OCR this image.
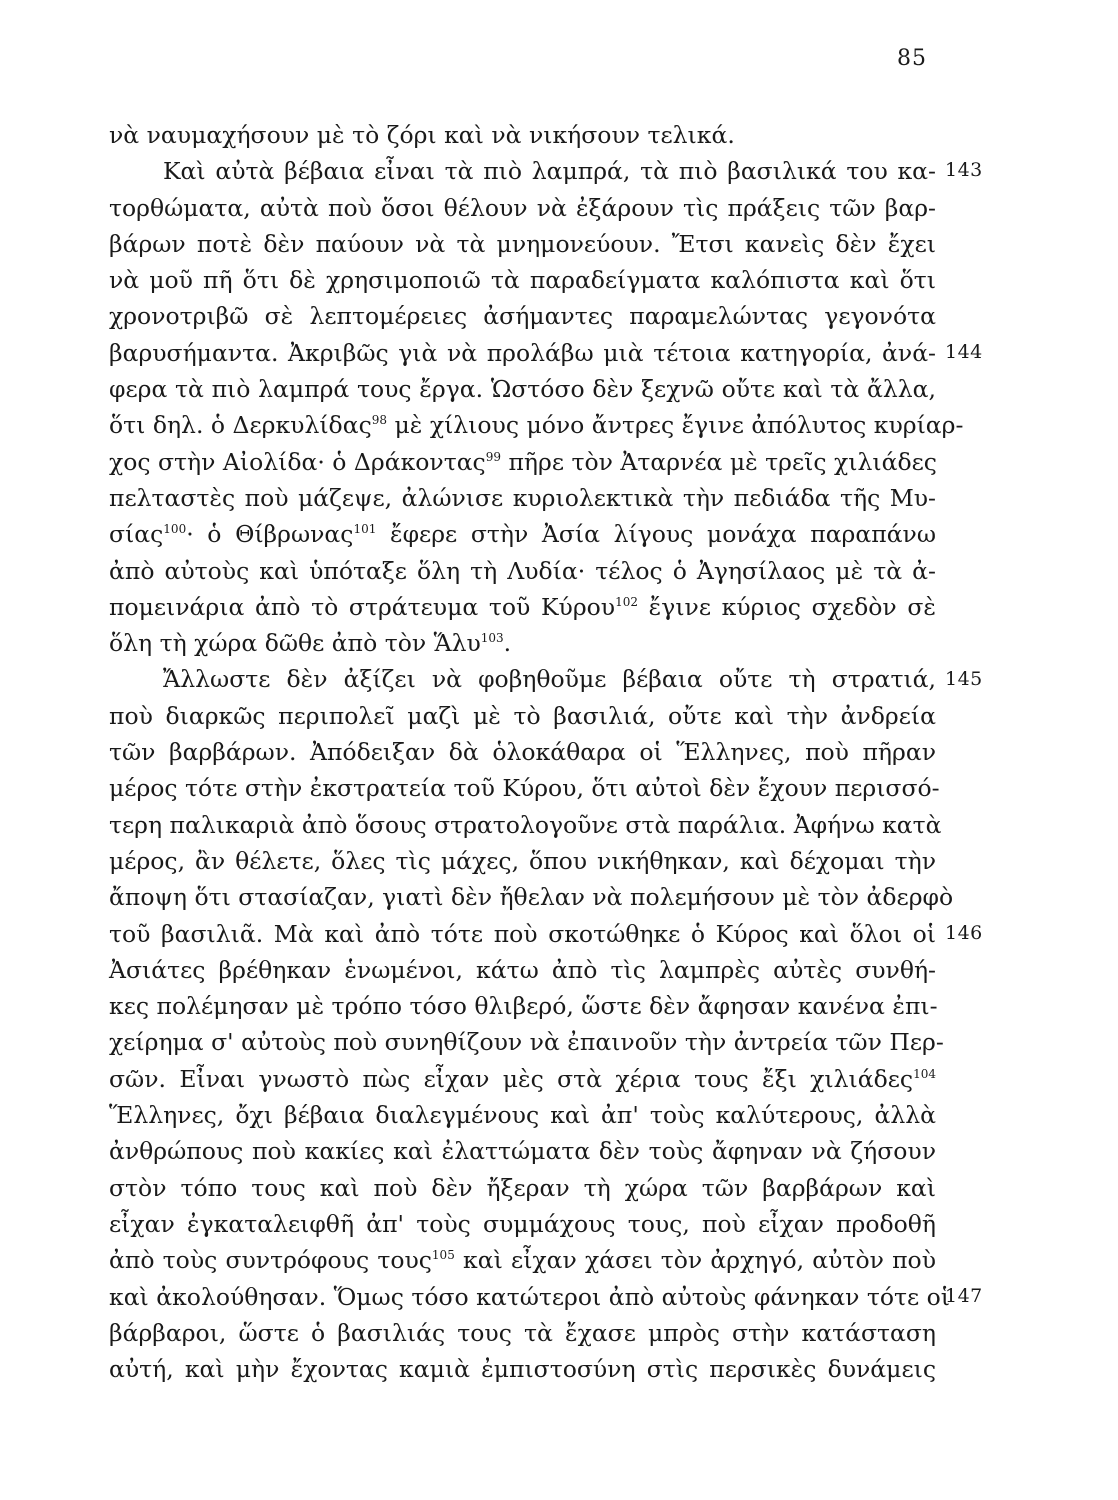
85
νὰ ναυμαχήσουν μὲ τὸ ζόρι καὶ νὰ νικήσουν τελικά.
Καὶ αὐτὰ βέβαια εἶναι τὰ πιὸ λαμπρά, τὰ πιὸ βασιλικά του κα-
τορθώματα, αὐτὰ ποὺ ὅσοι θέλουν νὰ ἐξάρουν τὶς πράξεις τῶν βαρ-
βάρων ποτὲ δὲν παύουν νὰ τὰ μνημονεύουν. Ἔτσι κανεὶς δὲν ἔχει
νὰ μοῦ πῆ ὅτι δὲ χρησιμοποιῶ τὰ παραδείγματα καλόπιστα καὶ ὅτι
χρονοτριβῶ σὲ λεπτομέρειες ἀσήμαντες παραμελώντας γεγονότα
βαρυσήμαντα. Ἀκριβῶς γιὰ νὰ προλάβω μιὰ τέτοια κατηγορία, ἀνά-
φερα τὰ πιὸ λαμπρά τους ἔργα. Ὡστόσο δὲν ξεχνῶ οὔτε καὶ τὰ ἄλλα,
ὅτι δηλ. ὁ Δερκυλίδας$^{98}$ μὲ χίλιους μόνο ἄντρες ἔγινε ἀπόλυτος κυρίαρ-
χος στὴν Αἰολίδα· ὁ Δράκοντας$^{99}$ πῆρε τὸν Ἀταρνέα μὲ τρεῖς χιλιάδες
πελταστὲς ποὺ μάζεψε, ἀλώνισε κυριολεκτικὰ τὴν πεδιάδα τῆς Μυ-
σίας$^{100}$· ὁ Θίβρωνας$^{101}$ ἔφερε στὴν Ἀσία λίγους μονάχα παραπάνω
ἀπὸ αὐτοὺς καὶ ὑπόταξε ὅλη τὴ Λυδία· τέλος ὁ Ἀγησίλαος μὲ τὰ ἀ-
πομεινάρια ἀπὸ τὸ στράτευμα τοῦ Κύρου$^{102}$ ἔγινε κύριος σχεδὸν σὲ
ὅλη τὴ χώρα δῶθε ἀπὸ τὸν Ἅλυ$^{103}$.
Ἄλλωστε δὲν ἀξίζει νὰ φοβηθοῦμε βέβαια οὔτε τὴ στρατιά,
ποὺ διαρκῶς περιπολεῖ μαζὶ μὲ τὸ βασιλιά, οὔτε καὶ τὴν ἀνδρεία
τῶν βαρβάρων. Ἀπόδειξαν δὰ ὁλοκάθαρα οἱ Ἕλληνες, ποὺ πῆραν
μέρος τότε στὴν ἐκστρατεία τοῦ Κύρου, ὅτι αὐτοὶ δὲν ἔχουν περισσό-
τερη παλικαριὰ ἀπὸ ὅσους στρατολογοῦνε στὰ παράλια. Ἀφήνω κατὰ
μέρος, ἂν θέλετε, ὅλες τὶς μάχες, ὅπου νικήθηκαν, καὶ δέχομαι τὴν
ἄποψη ὅτι στασίαζαν, γιατὶ δὲν ἤθελαν νὰ πολεμήσουν μὲ τὸν ἀδερφὸ
τοῦ βασιλιᾶ. Μὰ καὶ ἀπὸ τότε ποὺ σκοτώθηκε ὁ Κύρος καὶ ὅλοι οἱ
Ἀσιάτες βρέθηκαν ἑνωμένοι, κάτω ἀπὸ τὶς λαμπρὲς αὐτὲς συνθή-
κες πολέμησαν μὲ τρόπο τόσο θλιβερό, ὥστε δὲν ἄφησαν κανένα ἐπι-
χείρημα σ' αὐτοὺς ποὺ συνηθίζουν νὰ ἐπαινοῦν τὴν ἀντρεία τῶν Περ-
σῶν. Εἶναι γνωστὸ πὼς εἶχαν μὲς στὰ χέρια τους ἔξι χιλιάδες$^{104}$
Ἕλληνες, ὄχι βέβαια διαλεγμένους καὶ ἀπ' τοὺς καλύτερους, ἀλλὰ
ἀνθρώπους ποὺ κακίες καὶ ἐλαττώματα δὲν τοὺς ἄφηναν νὰ ζήσουν
στὸν τόπο τους καὶ ποὺ δὲν ἤξεραν τὴ χώρα τῶν βαρβάρων καὶ
εἶχαν ἐγκαταλειφθῆ ἀπ' τοὺς συμμάχους τους, ποὺ εἶχαν προδοθῆ
ἀπὸ τοὺς συντρόφους τους$^{105}$ καὶ εἶχαν χάσει τὸν ἀρχηγό, αὐτὸν ποὺ
καὶ ἀκολούθησαν. Ὅμως τόσο κατώτεροι ἀπὸ αὐτοὺς φάνηκαν τότε οἱ
βάρβαροι, ὥστε ὁ βασιλιάς τους τὰ ἔχασε μπρὸς στὴν κατάσταση
αὐτή, καὶ μὴν ἔχοντας καμιὰ ἐμπιστοσύνη στὶς περσικὲς δυνάμεις
143
144
145
146
147
